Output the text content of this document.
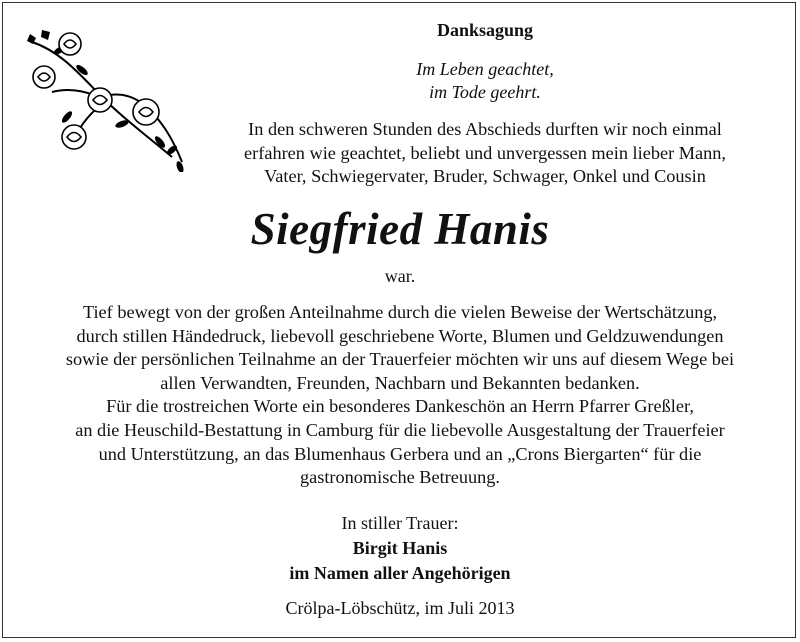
Danksagung
Im Leben geachtet,
im Tode geehrt.
In den schweren Stunden des Abschieds durften wir noch einmal
erfahren wie geachtet, beliebt und unvergessen mein lieber Mann,
Vater, Schwiegervater, Bruder, Schwager, Onkel und Cousin
Siegfried Hanis
war.

Tief bewegt von der großen Anteilnahme durch die vielen Beweise der Wertschätzung,

durch stillen Händedruck, liebevoll geschriebene Worte, Blumen und Geldzuwendungen

sowie der persönlichen Teilnahme an der Trauerfeier möchten wir uns auf diesem Wege bei

allen Verwandten, Freunden, Nachbarn und Bekannten bedanken.

Für die trostreichen Worte ein besonderes Dankeschön an Herrn Pfarrer Greßler,

an die Heuschild-Bestattung in Camburg für die liebevolle Ausgestaltung der Trauerfeier

und Unterstützung, an das Blumenhaus Gerbera und an „Crons Biergarten“ für die

gastronomische Betreuung.

In stiller Trauer:
Birgit Hanis
im Namen aller Angehörigen
Crölpa-Löbschütz, im Juli 2013
